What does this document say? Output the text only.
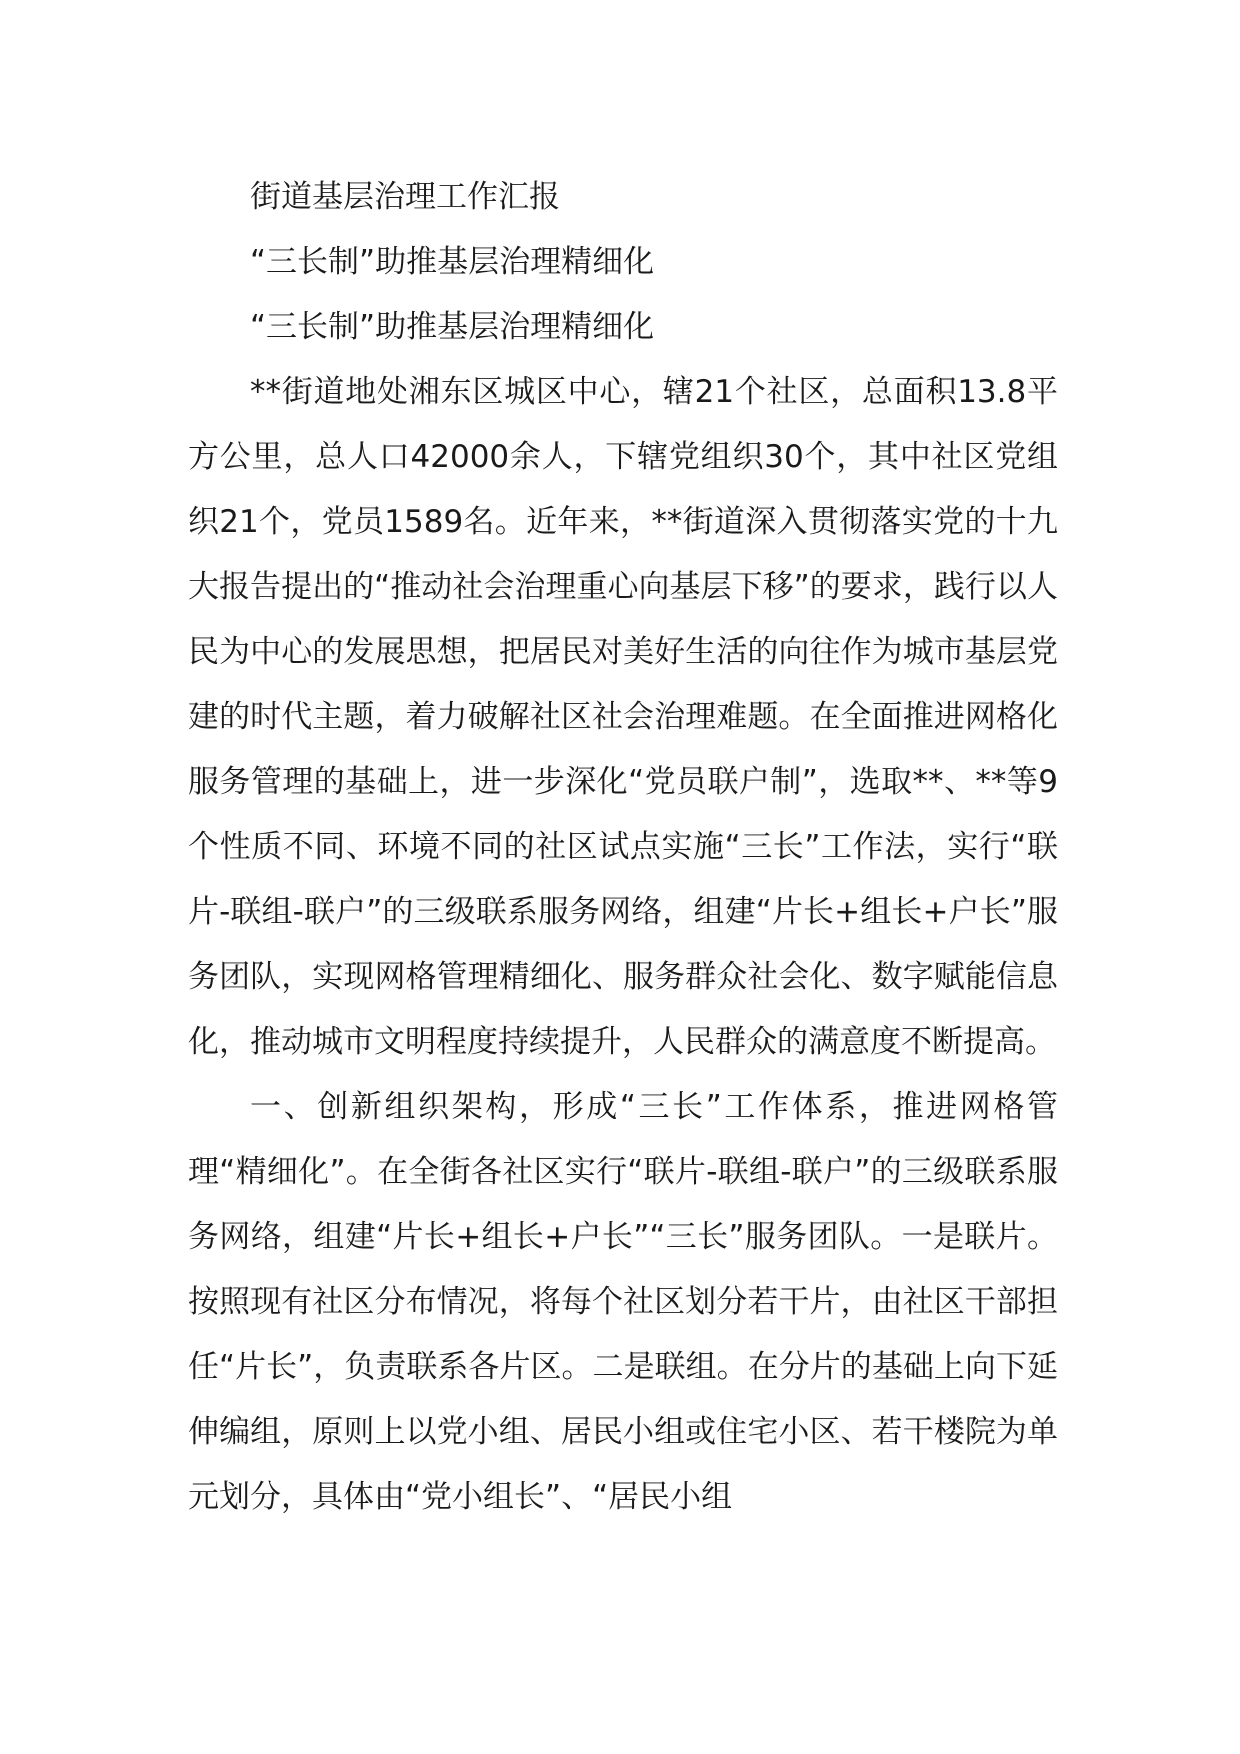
街道基层治理工作汇报

“三长制”助推基层治理精细化

“三长制”助推基层治理精细化

**街道地处湘东区城区中心，辖21个社区，总面积13.8平方公里，总人口42000余人，下辖党组织30个，其中社区党组织21个，党员1589名。近年来，**街道深入贯彻落实党的十九大报告提出的“推动社会治理重心向基层下移”的要求，践行以人民为中心的发展思想，把居民对美好生活的向往作为城市基层党建的时代主题，着力破解社区社会治理难题。在全面推进网格化服务管理的基础上，进一步深化“党员联户制”，选取**、**等9个性质不同、环境不同的社区试点实施“三长”工作法，实行“联片-联组-联户”的三级联系服务网络，组建“片长+组长+户长”服务团队，实现网格管理精细化、服务群众社会化、数字赋能信息化，推动城市文明程度持续提升，人民群众的满意度不断提高。

一、创新组织架构，形成“三长”工作体系，推进网格管理“精细化”。在全街各社区实行“联片-联组-联户”的三级联系服务网络，组建“片长+组长+户长”“三长”服务团队。一是联片。按照现有社区分布情况，将每个社区划分若干片，由社区干部担任“片长”，负责联系各片区。二是联组。在分片的基础上向下延伸编组，原则上以党小组、居民小组或住宅小区、若干楼院为单元划分，具体由“党小组长”、“居民小组
